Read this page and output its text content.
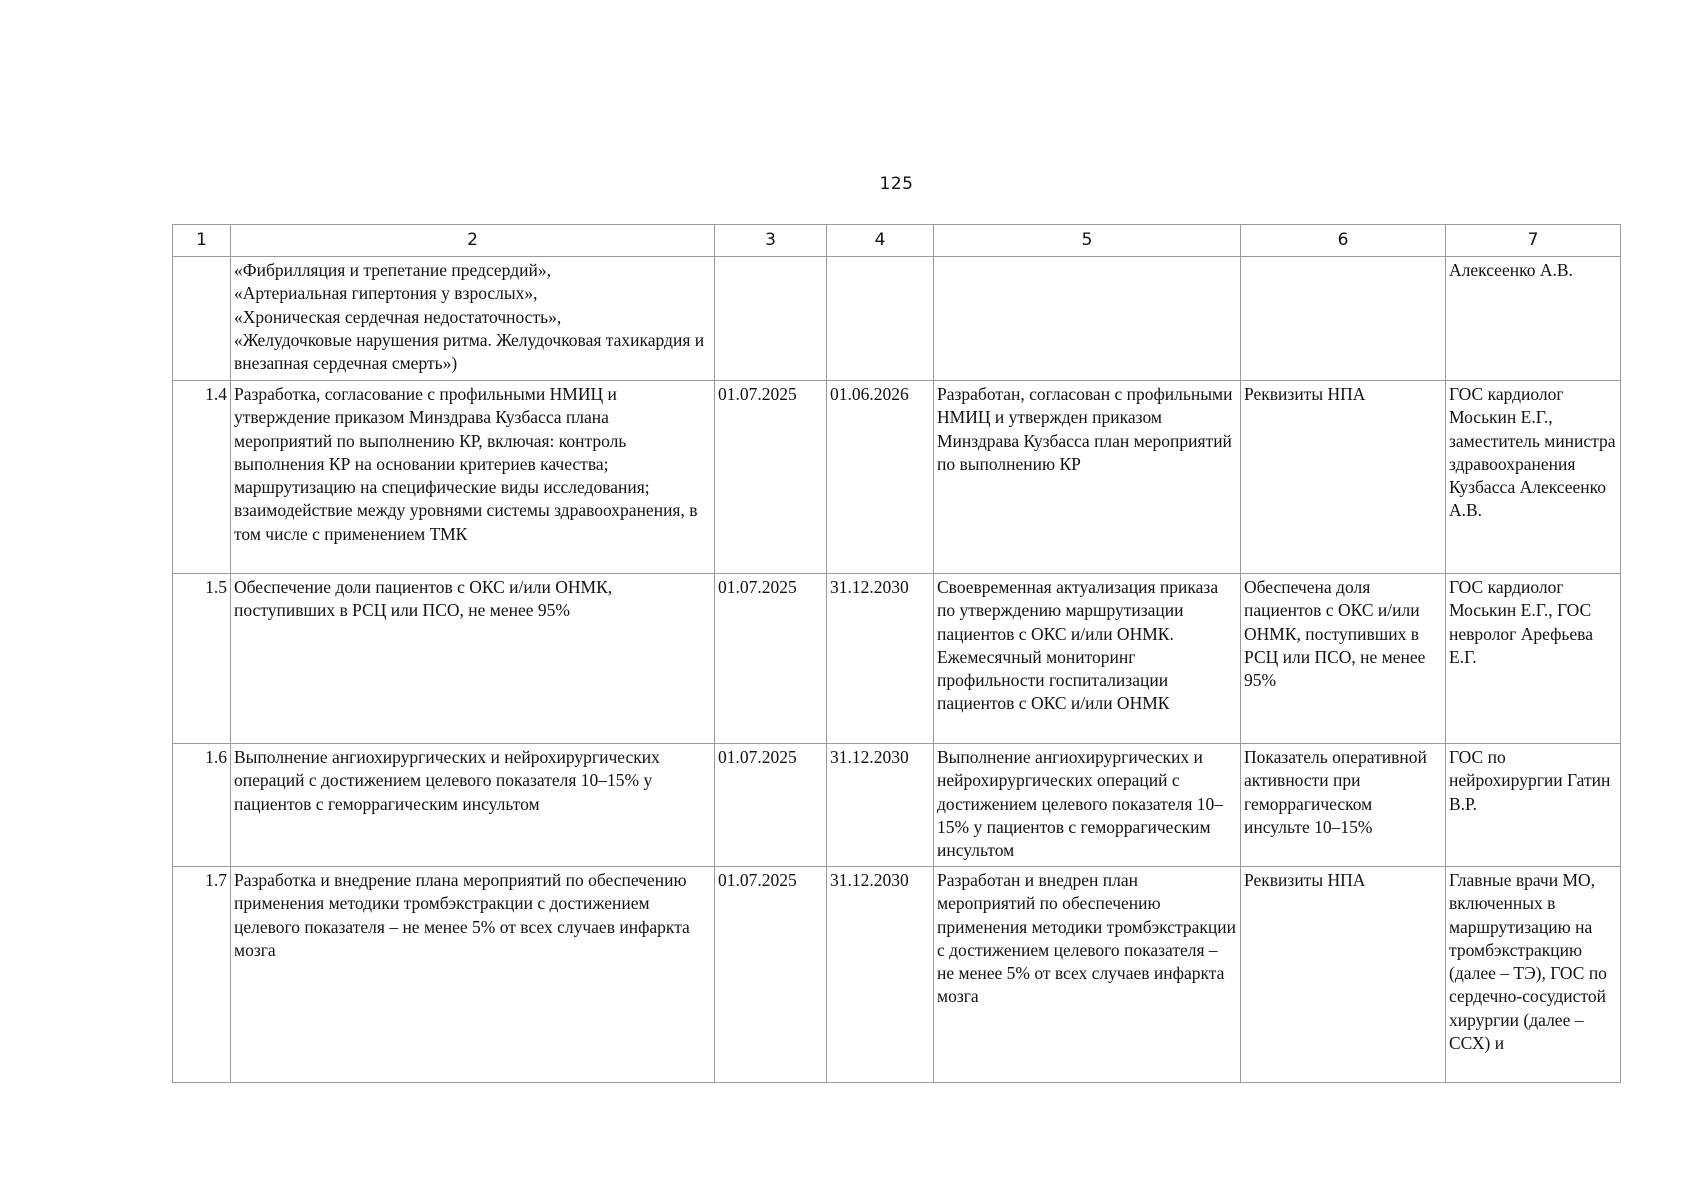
125
1	2	3	4	5	6	7
	«Фибрилляция и трепетание предсердий»,
«Артериальная гипертония у взрослых»,
«Хроническая сердечная недостаточность»,
«Желудочковые нарушения ритма. Желудочковая тахикардия и внезапная сердечная смерть»)					Алексеенко А.В.
1.4	Разработка, согласование с профильными НМИЦ и утверждение приказом Минздрава Кузбасса плана мероприятий по выполнению КР, включая: контроль выполнения КР на основании критериев качества; маршрутизацию на специфические виды исследования; взаимодействие между уровнями системы здравоохранения, в том числе с применением ТМК	01.07.2025	01.06.2026	Разработан, согласован с профильными НМИЦ и утвержден приказом Минздрава Кузбасса план мероприятий по выполнению КР	Реквизиты НПА	ГОС кардиолог Моськин Е.Г., заместитель министра здравоохранения Кузбасса Алексеенко А.В.
1.5	Обеспечение доли пациентов с ОКС и/или ОНМК, поступивших в РСЦ или ПСО, не менее 95%	01.07.2025	31.12.2030	Своевременная актуализация приказа по утверждению маршрутизации пациентов с ОКС и/или ОНМК.
Ежемесячный мониторинг профильности госпитализации пациентов с ОКС и/или ОНМК	Обеспечена доля пациентов с ОКС и/или ОНМК, поступивших в РСЦ или ПСО, не менее 95%	ГОС кардиолог Моськин Е.Г., ГОС невролог Арефьева Е.Г.
1.6	Выполнение ангиохирургических и нейрохирургических операций с достижением целевого показателя 10–15% у пациентов с геморрагическим инсультом	01.07.2025	31.12.2030	Выполнение ангиохирургических и нейрохирургических операций с достижением целевого показателя 10–15% у пациентов с геморрагическим инсультом	Показатель оперативной активности при геморрагическом инсульте 10–15%	ГОС по нейрохирургии Гатин В.Р.
1.7	Разработка и внедрение плана мероприятий по обеспечению применения методики тромбэкстракции с достижением целевого показателя – не менее 5% от всех случаев инфаркта мозга	01.07.2025	31.12.2030	Разработан и внедрен план мероприятий по обеспечению применения методики тромбэкстракции с достижением целевого показателя – не менее 5% от всех случаев инфаркта мозга	Реквизиты НПА	Главные врачи МО, включенных в маршрутизацию на тромбэкстракцию (далее – ТЭ), ГОС по сердечно-сосудистой хирургии (далее – ССХ) и
